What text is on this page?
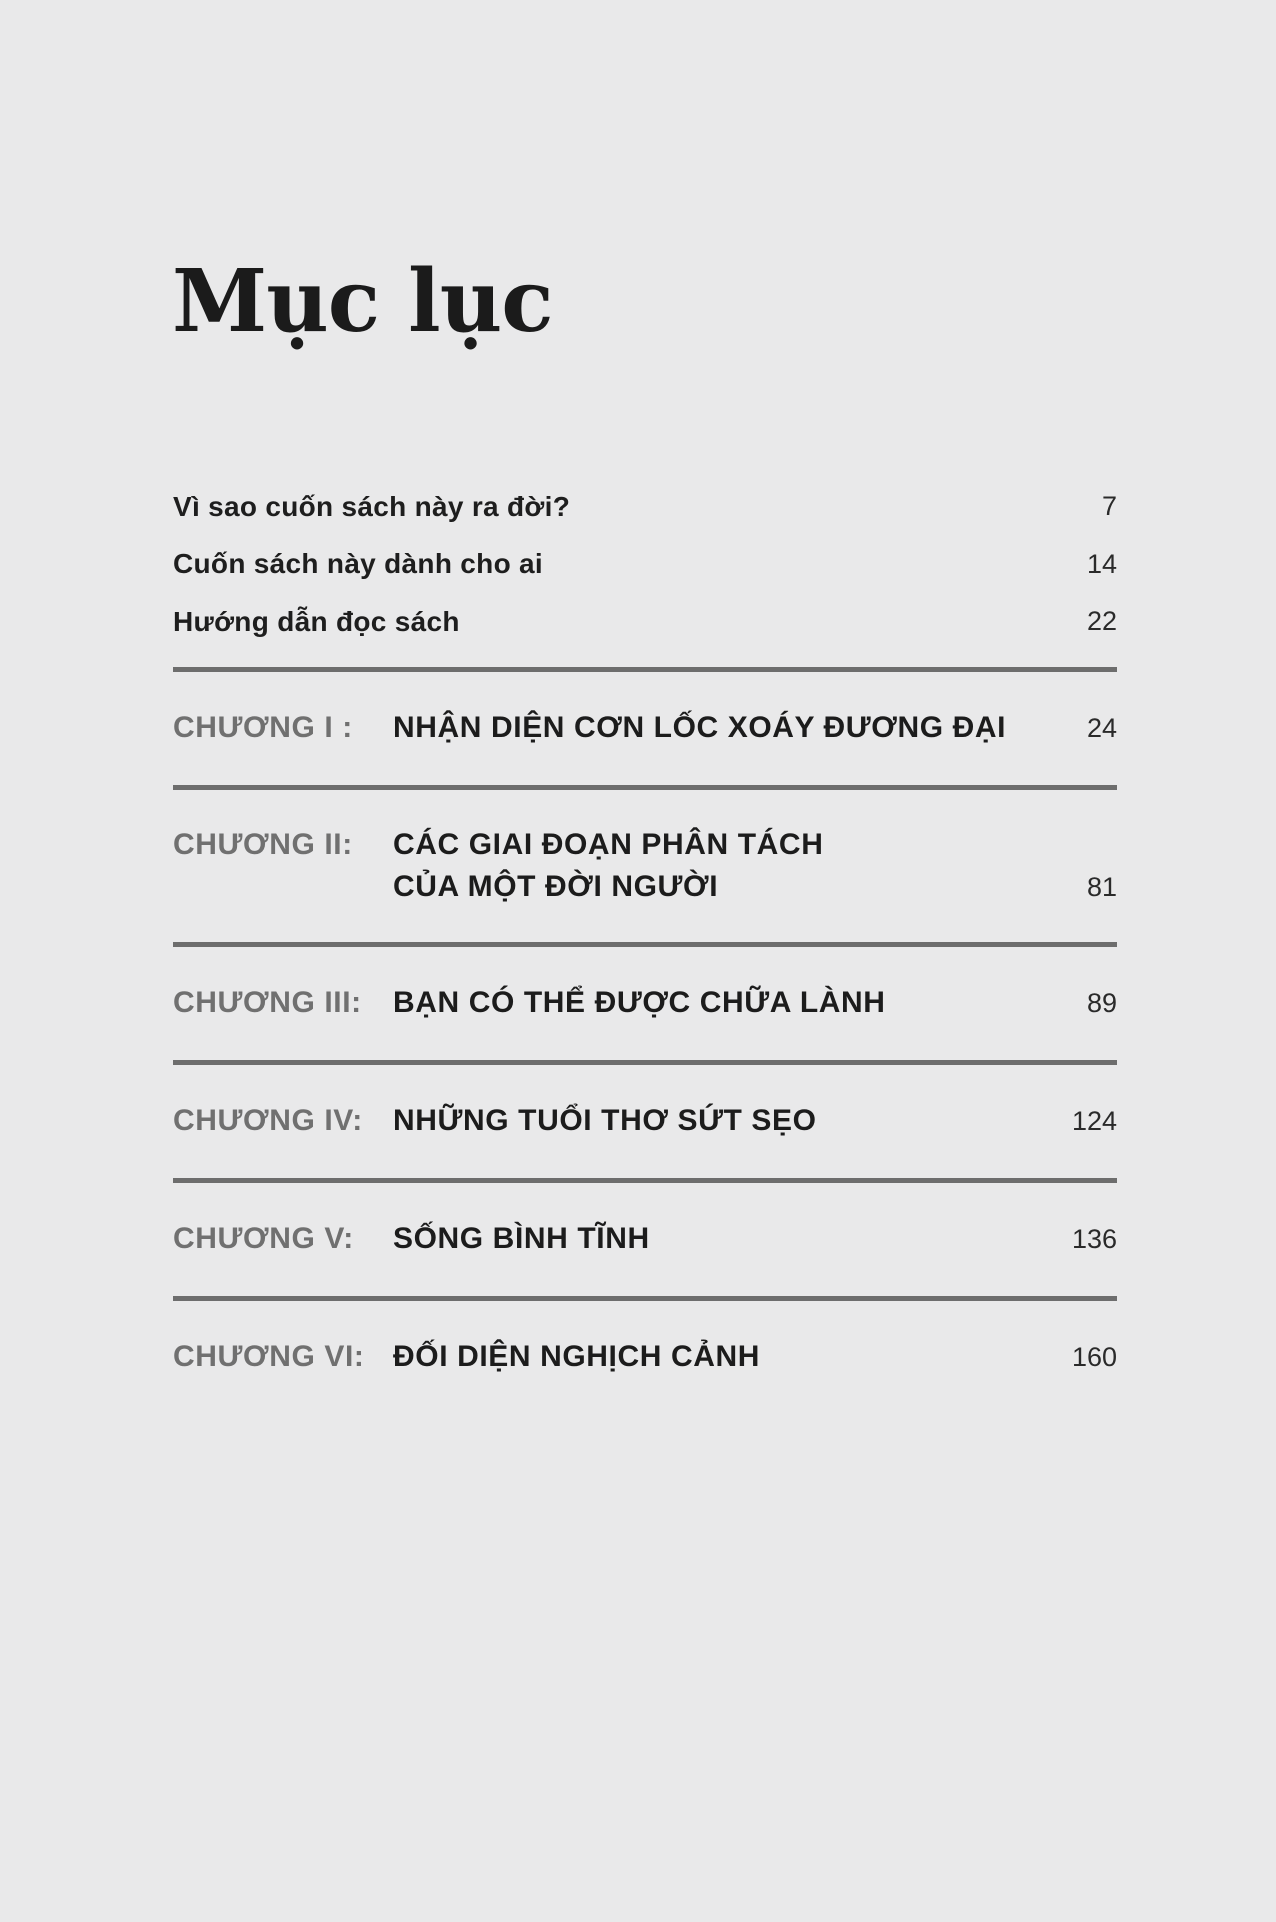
Mục lục
Vì sao cuốn sách này ra đời?	7
Cuốn sách này dành cho ai	14
Hướng dẫn đọc sách	22
CHƯƠNG I :	NHẬN DIỆN CƠN LỐC XOÁY ĐƯƠNG ĐẠI	24
CHƯƠNG II:	CÁC GIAI ĐOẠN PHÂN TÁCH
CỦA MỘT ĐỜI NGƯỜI	81
CHƯƠNG III:	BẠN CÓ THỂ ĐƯỢC CHỮA LÀNH	89
CHƯƠNG IV:	NHỮNG TUỔI THƠ SỨT SẸO	124
CHƯƠNG V:	SỐNG BÌNH TĨNH	136
CHƯƠNG VI: ĐỐI DIỆN NGHỊCH CẢNH	160
